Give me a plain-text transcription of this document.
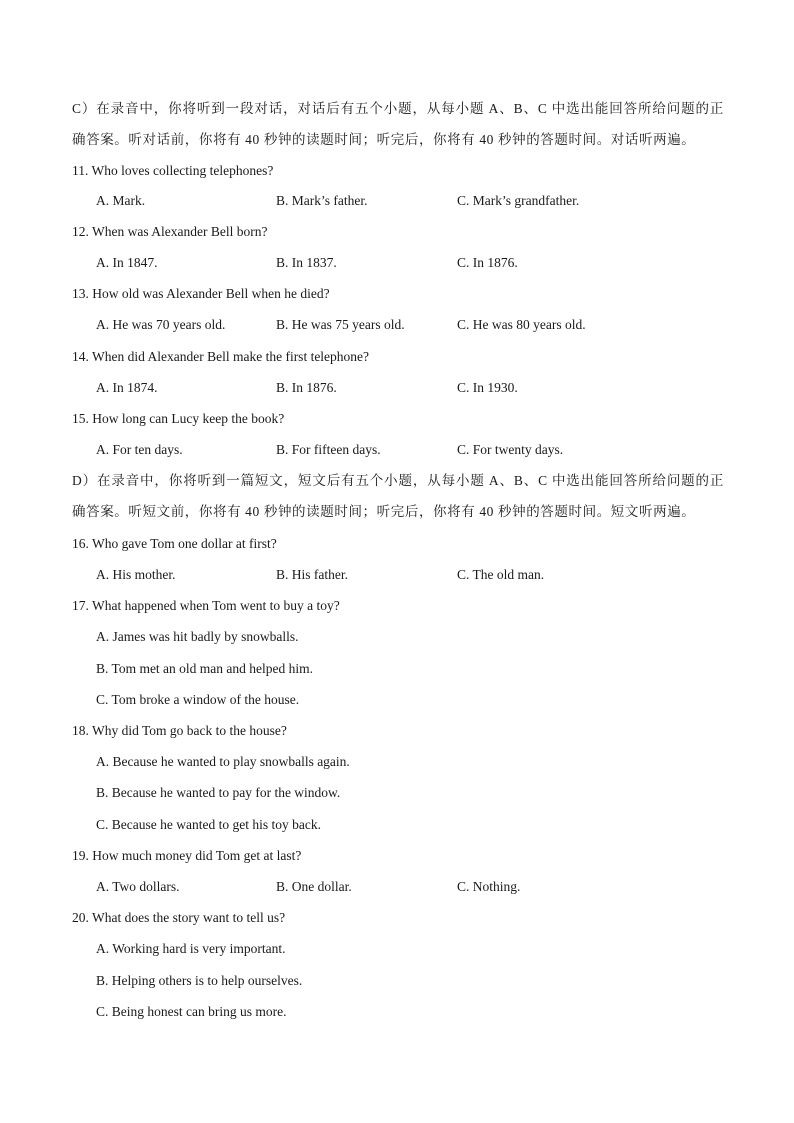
C）在录音中，你将听到一段对话，对话后有五个小题，从每小题 A、B、C 中选出能回答所给问题的正确答案。听对话前，你将有 40 秒钟的读题时间；听完后，你将有 40 秒钟的答题时间。对话听两遍。
11. Who loves collecting telephones?
A. Mark.	B. Mark’s father.	C. Mark’s grandfather.
12. When was Alexander Bell born?
A. In 1847.	B. In 1837.	C. In 1876.
13. How old was Alexander Bell when he died?
A. He was 70 years old.	B. He was 75 years old.	C. He was 80 years old.
14. When did Alexander Bell make the first telephone?
A. In 1874.	B. In 1876.	C. In 1930.
15. How long can Lucy keep the book?
A. For ten days.	B. For fifteen days.	C. For twenty days.
D）在录音中，你将听到一篇短文，短文后有五个小题，从每小题 A、B、C 中选出能回答所给问题的正确答案。听短文前，你将有 40 秒钟的读题时间；听完后，你将有 40 秒钟的答题时间。短文听两遍。
16. Who gave Tom one dollar at first?
A. His mother.	B. His father.	C. The old man.
17. What happened when Tom went to buy a toy?
A. James was hit badly by snowballs.
B. Tom met an old man and helped him.
C. Tom broke a window of the house.
18. Why did Tom go back to the house?
A. Because he wanted to play snowballs again.
B. Because he wanted to pay for the window.
C. Because he wanted to get his toy back.
19. How much money did Tom get at last?
A. Two dollars.	B. One dollar.	C. Nothing.
20. What does the story want to tell us?
A. Working hard is very important.
B. Helping others is to help ourselves.
C. Being honest can bring us more.
